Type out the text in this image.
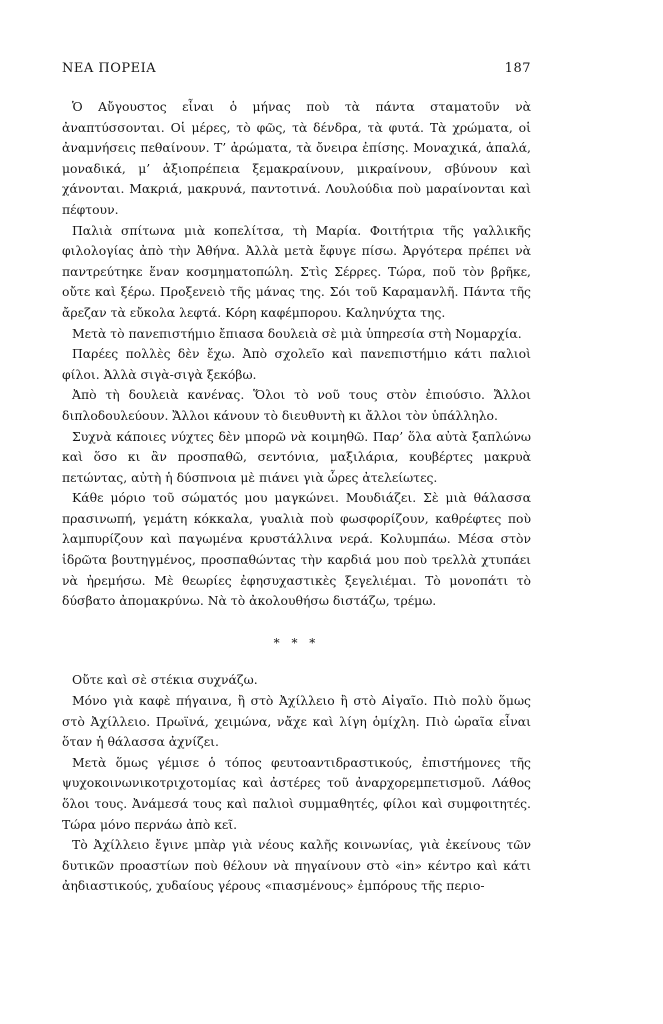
ΝΕΑ ΠΟΡΕΙΑ	187

Ὁ Αὔγουστος εἶναι ὁ μήνας ποὺ τὰ πάντα σταματοῦν νὰ ἀναπτύσσονται. Οἱ μέρες, τὸ φῶς, τὰ δένδρα, τὰ φυτά. Τὰ χρώματα, οἱ ἀναμνήσεις πεθαίνουν. Τ’ ἀρώματα, τὰ ὄνειρα ἐπίσης. Μοναχικά, ἁπαλά, μοναδικά, μ’ ἀξιοπρέπεια ξεμακραίνουν, μικραίνουν, σβύνουν καὶ χάνονται. Μακριά, μακρυνά, παντοτινά. Λουλούδια ποὺ μαραίνονται καὶ πέφτουν.

Παλιὰ σπίτωνα μιὰ κοπελίτσα, τὴ Μαρία. Φοιτήτρια τῆς γαλλικῆς φιλολογίας ἀπὸ τὴν Ἀθήνα. Ἀλλὰ μετὰ ἔφυγε πίσω. Ἀργότερα πρέπει νὰ παντρεύτηκε ἕναν κοσμηματοπώλη. Στὶς Σέρρες. Τώρα, ποῦ τὸν βρῆκε, οὔτε καὶ ξέρω. Προξενειὸ τῆς μάνας της. Σόι τοῦ Καραμανλῆ. Πάντα τῆς ἄρεζαν τὰ εὔκολα λεφτά. Κόρη καφέμπορου. Καληνύχτα της.

Μετὰ τὸ πανεπιστήμιο ἔπιασα δουλειὰ σὲ μιὰ ὑπηρεσία στὴ Νομαρχία.

Παρέες πολλὲς δὲν ἔχω. Ἀπὸ σχολεῖο καὶ πανεπιστήμιο κάτι παλιοὶ φίλοι. Ἀλλὰ σιγὰ-σιγὰ ξεκόβω.

Ἀπὸ τὴ δουλειὰ κανένας. Ὅλοι τὸ νοῦ τους στὸν ἐπιούσιο. Ἄλλοι διπλοδουλεύουν. Ἄλλοι κάνουν τὸ διευθυντὴ κι ἄλλοι τὸν ὑπάλληλο.

Συχνὰ κάποιες νύχτες δὲν μπορῶ νὰ κοιμηθῶ. Παρ’ ὅλα αὐτὰ ξαπλώνω καὶ ὅσο κι ἂν προσπαθῶ, σεντόνια, μαξιλάρια, κουβέρτες μακρυὰ πετώντας, αὐτὴ ἡ δύσπνοια μὲ πιάνει γιὰ ὧρες ἀτελείωτες.

Κάθε μόριο τοῦ σώματός μου μαγκώνει. Μουδιάζει. Σὲ μιὰ θάλασσα πρασινωπή, γεμάτη κόκκαλα, γυαλιὰ ποὺ φωσφορίζουν, καθρέφτες ποὺ λαμπυρίζουν καὶ παγωμένα κρυστάλλινα νερά. Κολυμπάω. Μέσα στὸν ἱδρῶτα βουτηγμένος, προσπαθώντας τὴν καρδιά μου ποὺ τρελλὰ χτυπάει νὰ ἠρεμήσω. Μὲ θεωρίες ἐφησυχαστικὲς ξεγελιέμαι. Τὸ μονοπάτι τὸ δύσβατο ἀπομακρύνω. Νὰ τὸ ἀκολουθήσω διστάζω, τρέμω.

* * *

Οὔτε καὶ σὲ στέκια συχνάζω.

Μόνο γιὰ καφὲ πήγαινα, ἢ στὸ Ἀχίλλειο ἢ στὸ Αἰγαῖο. Πιὸ πολὺ ὅμως στὸ Ἀχίλλειο. Πρωϊνά, χειμώνα, νἄχε καὶ λίγη ὁμίχλη. Πιὸ ὡραῖα εἶναι ὅταν ἡ θάλασσα ἀχνίζει.

Μετὰ ὅμως γέμισε ὁ τόπος φευτοαντιδραστικούς, ἐπιστήμονες τῆς ψυχοκοινωνικοτριχοτομίας καὶ ἀστέρες τοῦ ἀναρχορεμπετισμοῦ. Λάθος ὅλοι τους. Ἀνάμεσά τους καὶ παλιοὶ συμμαθητές, φίλοι καὶ συμφοιτητές. Τώρα μόνο περνάω ἀπὸ κεῖ.

Τὸ Ἀχίλλειο ἔγινε μπὰρ γιὰ νέους καλῆς κοινωνίας, γιὰ ἐκείνους τῶν δυτικῶν προαστίων ποὺ θέλουν νὰ πηγαίνουν στὸ «in» κέντρο καὶ κάτι ἀηδιαστικούς, χυδαίους γέρους «πιασμένους» ἐμπόρους τῆς περιο-
